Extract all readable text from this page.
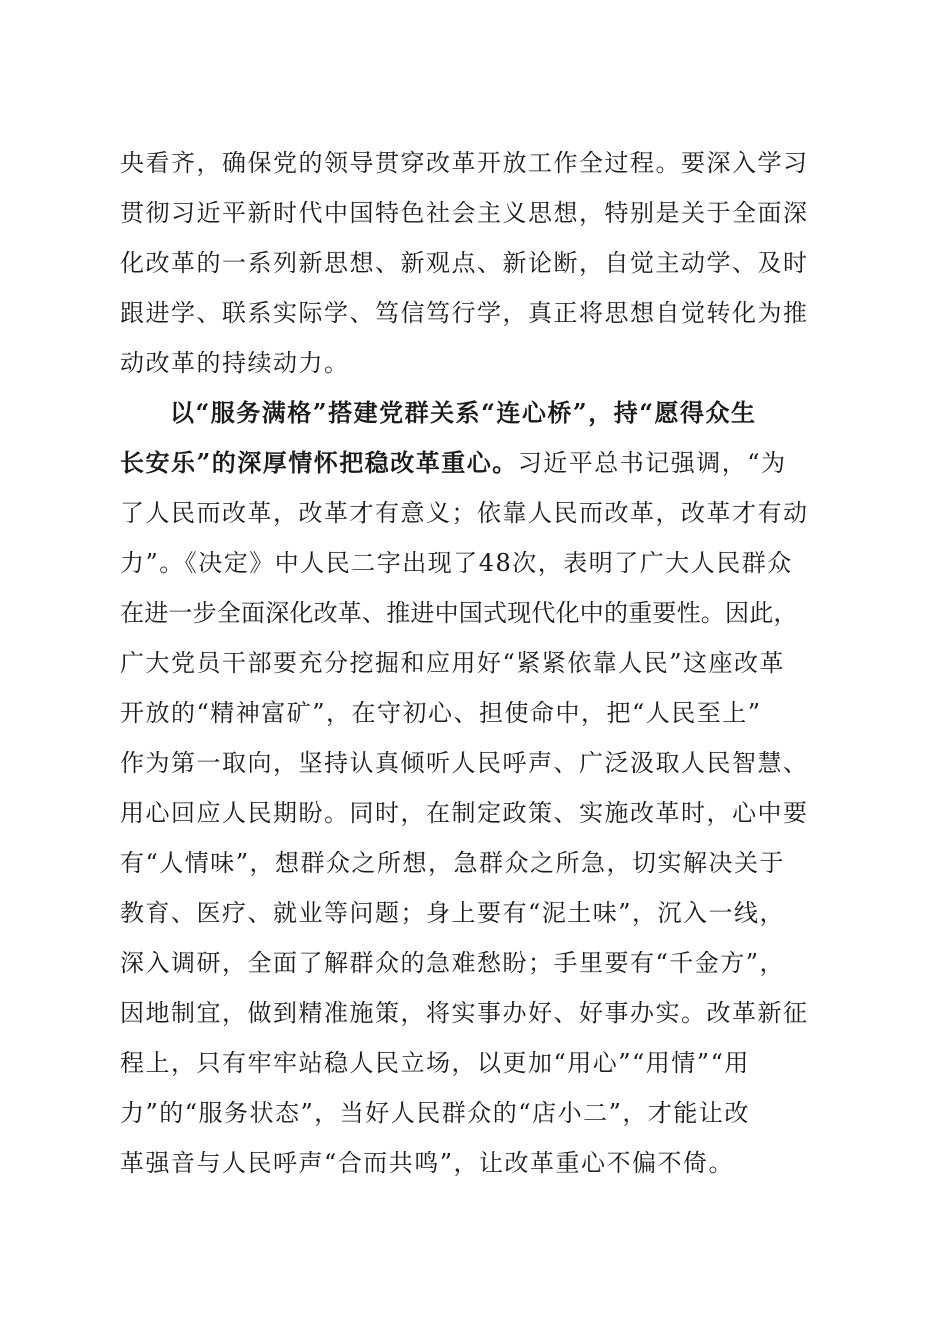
央看齐，确保党的领导贯穿改革开放工作全过程。要深入学习
贯彻习近平新时代中国特色社会主义思想，特别是关于全面深
化改革的一系列新思想、新观点、新论断，自觉主动学、及时
跟进学、联系实际学、笃信笃行学，真正将思想自觉转化为推
动改革的持续动力。
以“服务满格”搭建党群关系“连心桥”，持“愿得众生
长安乐”的深厚情怀把稳改革重心。习近平总书记强调，“为
了人民而改革，改革才有意义；依靠人民而改革，改革才有动
力”。《决定》中人民二字出现了48次，表明了广大人民群众
在进一步全面深化改革、推进中国式现代化中的重要性。因此，
广大党员干部要充分挖掘和应用好“紧紧依靠人民”这座改革
开放的“精神富矿”，在守初心、担使命中，把“人民至上”
作为第一取向，坚持认真倾听人民呼声、广泛汲取人民智慧、
用心回应人民期盼。同时，在制定政策、实施改革时，心中要
有“人情味”，想群众之所想，急群众之所急，切实解决关于
教育、医疗、就业等问题；身上要有“泥土味”，沉入一线，
深入调研，全面了解群众的急难愁盼；手里要有“千金方”，
因地制宜，做到精准施策，将实事办好、好事办实。改革新征
程上，只有牢牢站稳人民立场，以更加“用心”“用情”“用
力”的“服务状态”，当好人民群众的“店小二”，才能让改
革强音与人民呼声“合而共鸣”，让改革重心不偏不倚。
